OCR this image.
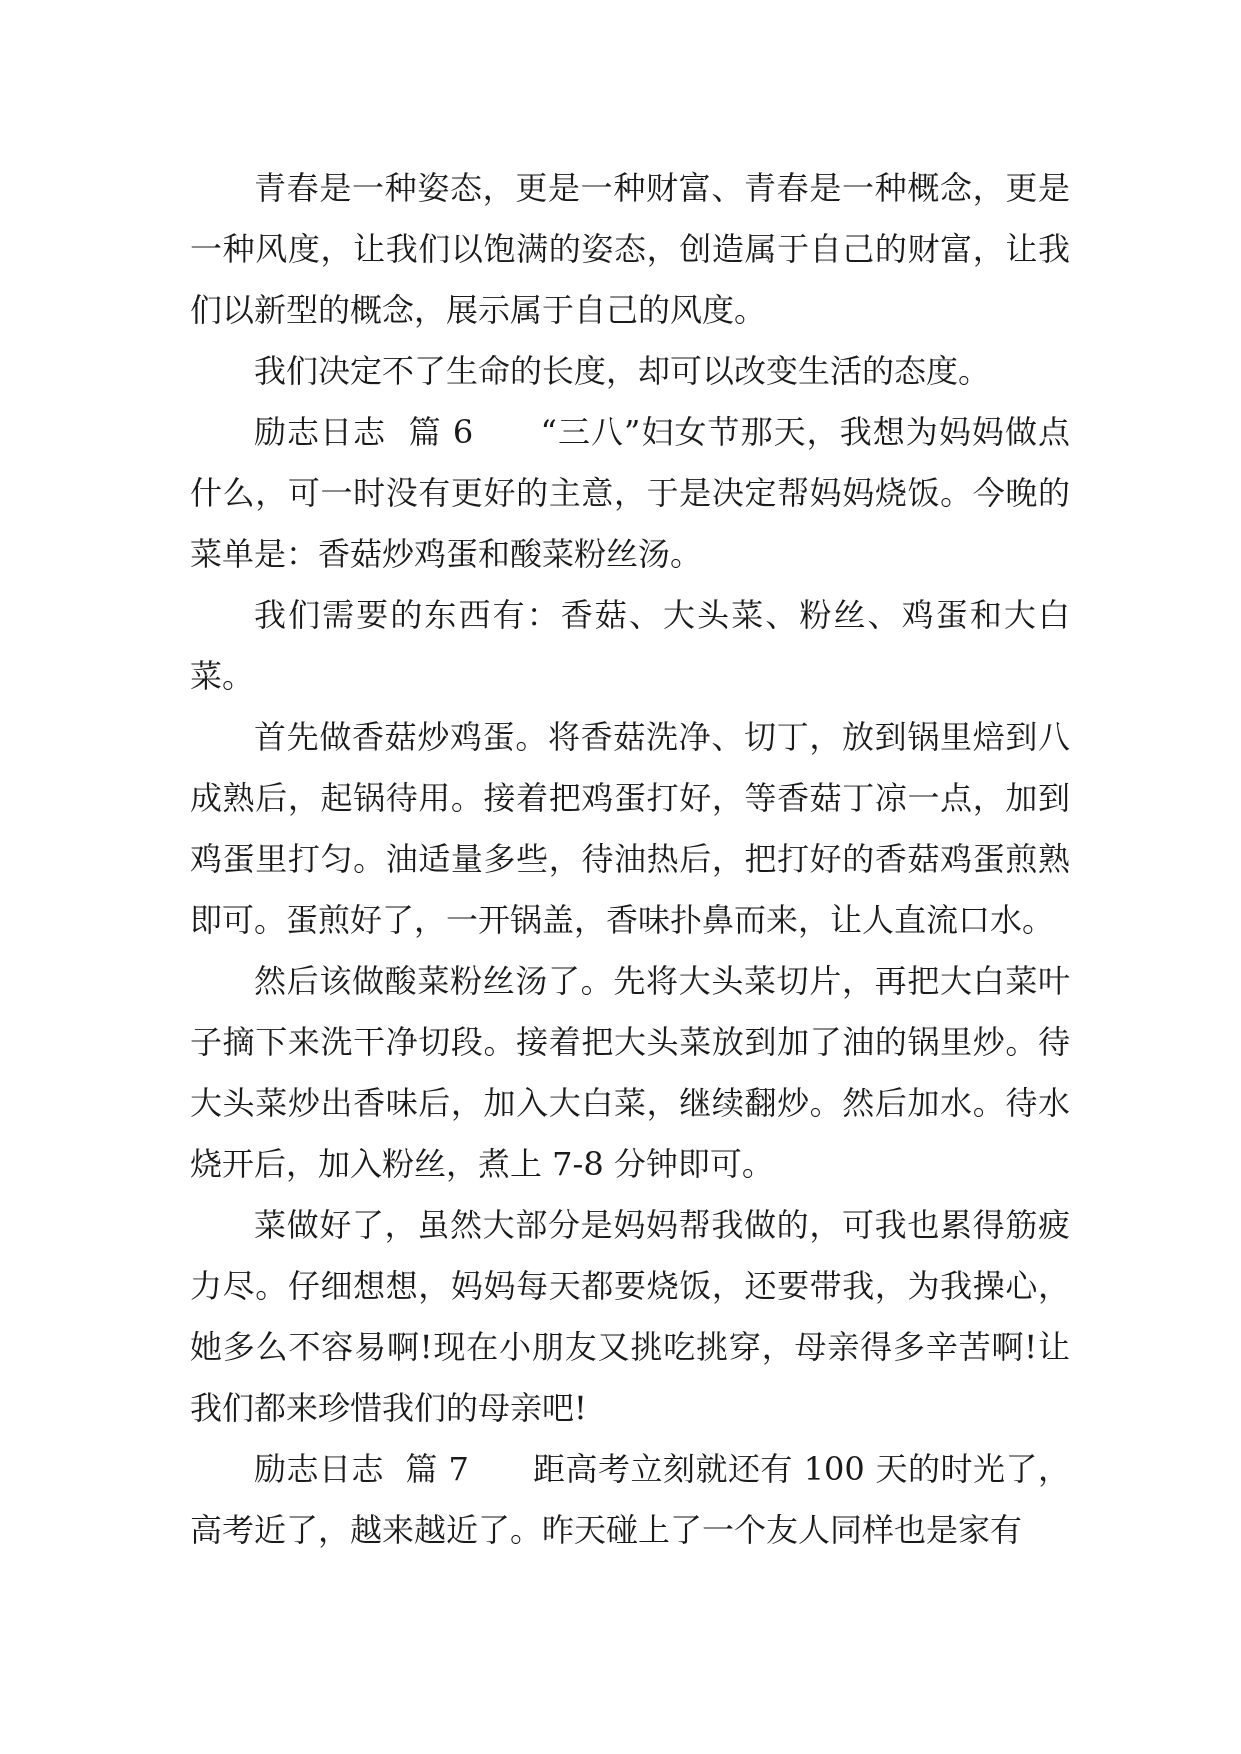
青春是一种姿态，更是一种财富、青春是一种概念，更是一种风度，让我们以饱满的姿态，创造属于自己的财富，让我们以新型的概念，展示属于自己的风度。

我们决定不了生命的长度，却可以改变生活的态度。

励志日志  篇 6      “三八”妇女节那天，我想为妈妈做点什么，可一时没有更好的主意，于是决定帮妈妈烧饭。今晚的菜单是：香菇炒鸡蛋和酸菜粉丝汤。

我们需要的东西有：香菇、大头菜、粉丝、鸡蛋和大白菜。

首先做香菇炒鸡蛋。将香菇洗净、切丁，放到锅里焙到八成熟后，起锅待用。接着把鸡蛋打好，等香菇丁凉一点，加到鸡蛋里打匀。油适量多些，待油热后，把打好的香菇鸡蛋煎熟即可。蛋煎好了，一开锅盖，香味扑鼻而来，让人直流口水。

然后该做酸菜粉丝汤了。先将大头菜切片，再把大白菜叶子摘下来洗干净切段。接着把大头菜放到加了油的锅里炒。待大头菜炒出香味后，加入大白菜，继续翻炒。然后加水。待水烧开后，加入粉丝，煮上 7-8 分钟即可。

菜做好了，虽然大部分是妈妈帮我做的，可我也累得筋疲力尽。仔细想想，妈妈每天都要烧饭，还要带我，为我操心，她多么不容易啊!现在小朋友又挑吃挑穿，母亲得多辛苦啊!让我们都来珍惜我们的母亲吧!

励志日志  篇 7      距高考立刻就还有 100 天的时光了，高考近了，越来越近了。昨天碰上了一个友人同样也是家有
